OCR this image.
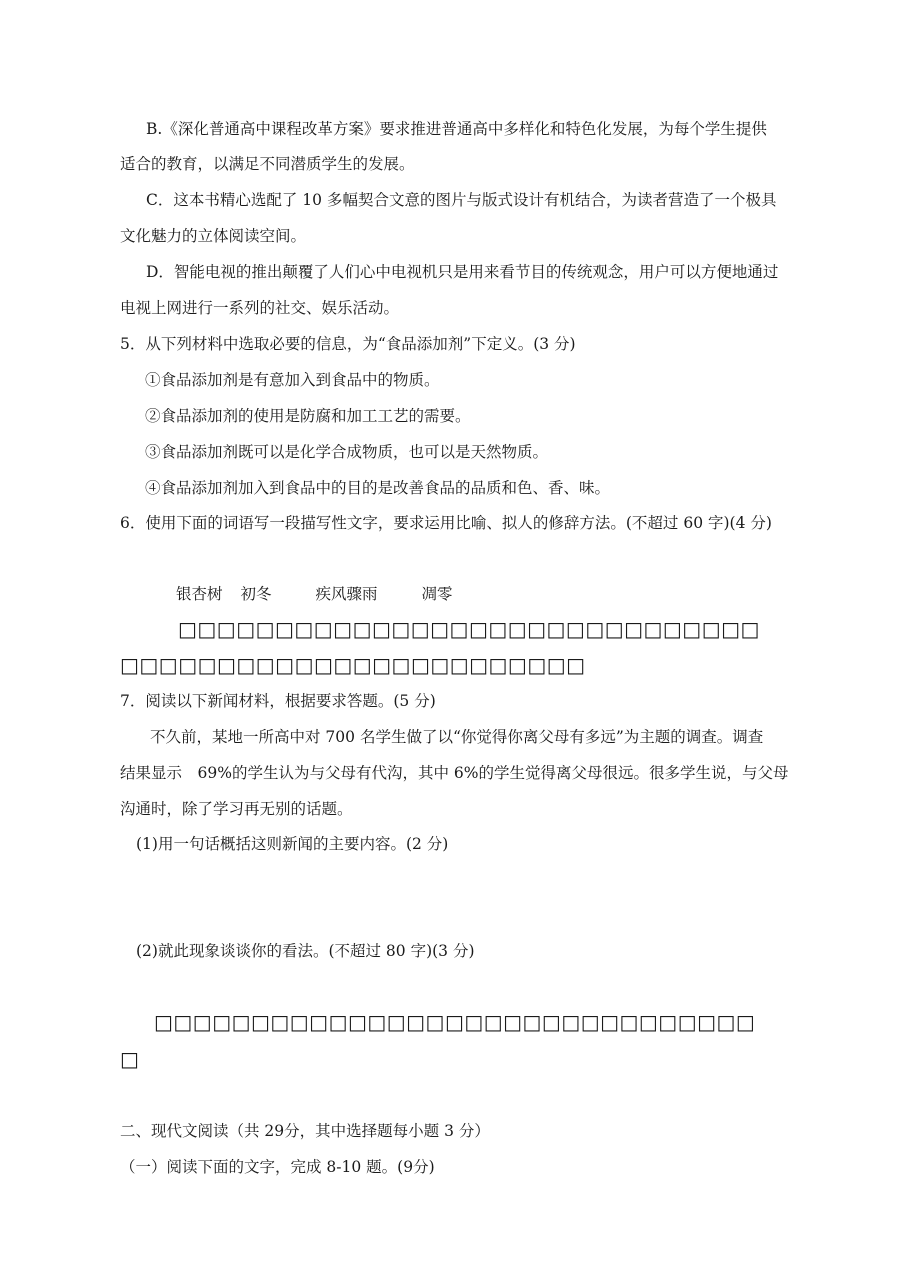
B.《深化普通高中课程改革方案》要求推进普通高中多样化和特色化发展，为每个学生提供
适合的教育，以满足不同潜质学生的发展。
C．这本书精心选配了 10 多幅契合文意的图片与版式设计有机结合，为读者营造了一个极具
文化魅力的立体阅读空间。
D．智能电视的推出颠覆了人们心中电视机只是用来看节目的传统观念，用户可以方便地通过
电视上网进行一系列的社交、娱乐活动。
5．从下列材料中选取必要的信息，为“食品添加剂”下定义。(3 分)
①食品添加剂是有意加入到食品中的物质。
②食品添加剂的使用是防腐和加工工艺的需要。
③食品添加剂既可以是化学合成物质，也可以是天然物质。
④食品添加剂加入到食品中的目的是改善食品的品质和色、香、味。
6．使用下面的词语写一段描写性文字，要求运用比喻、拟人的修辞方法。(不超过 60 字)(4 分)
银杏树 初冬	疾风骤雨	凋零
□□□□□□□□□□□□□□□□□□□□□□□□□□□□□□
□□□□□□□□□□□□□□□□□□□□□□□□
7．阅读以下新闻材料，根据要求答题。(5 分)
不久前，某地一所高中对 700 名学生做了以“你觉得你离父母有多远”为主题的调查。调查
结果显示　69%的学生认为与父母有代沟，其中 6%的学生觉得离父母很远。很多学生说，与父母
沟通时，除了学习再无别的话题。
(1)用一句话概括这则新闻的主要内容。(2 分)
(2)就此现象谈谈你的看法。(不超过 80 字)(3 分)
□□□□□□□□□□□□□□□□□□□□□□□□□□□□□□□
□
二、现代文阅读（共 29分，其中选择题每小题 3 分）
（一）阅读下面的文字，完成 8-10 题。(9分)
